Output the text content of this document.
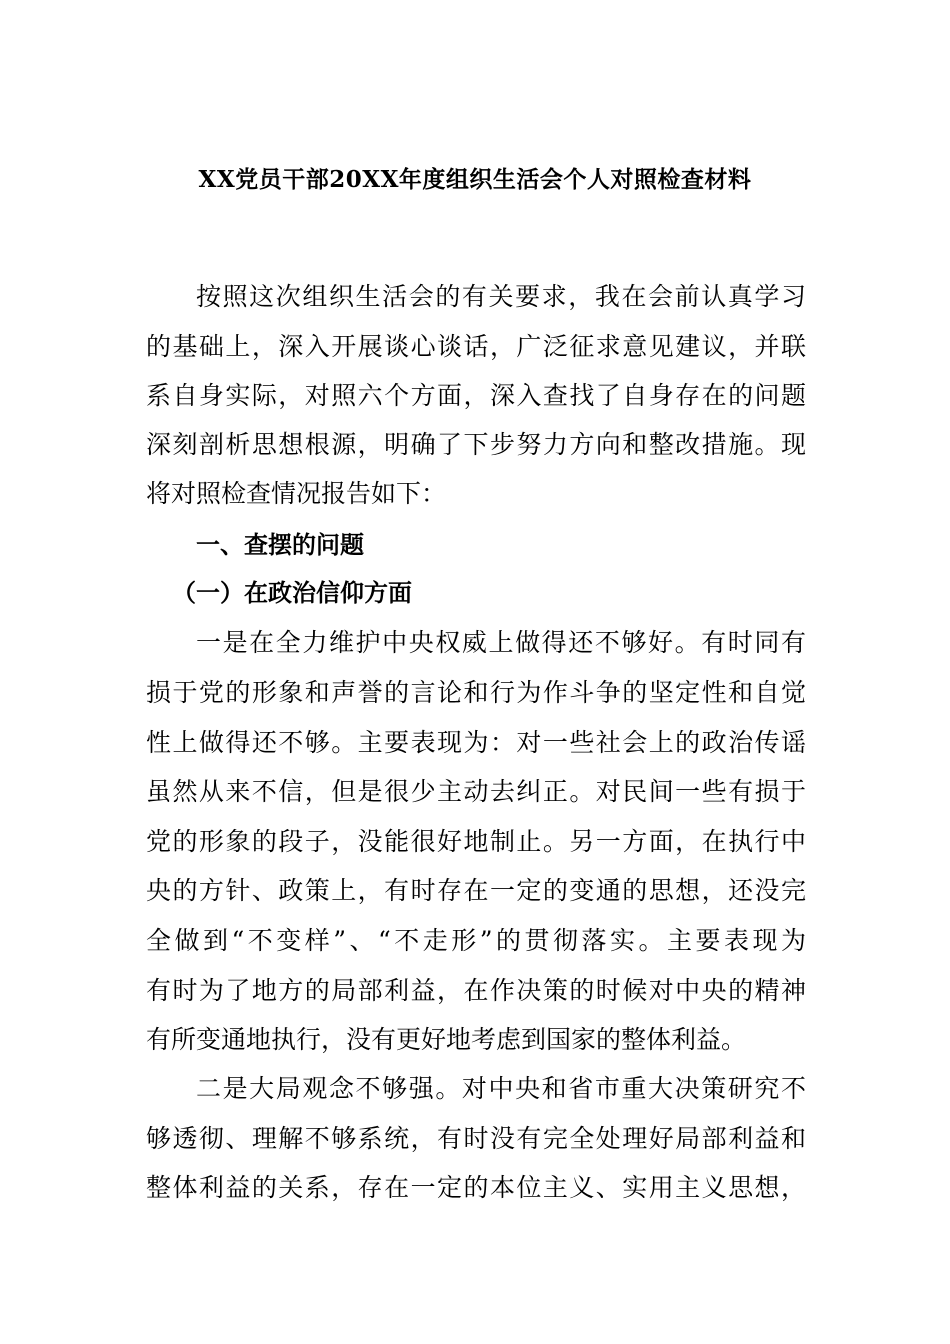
XX党员干部20XX年度组织生活会个人对照检查材料
按照这次组织生活会的有关要求，我在会前认真学习
的基础上，深入开展谈心谈话，广泛征求意见建议，并联
系自身实际，对照六个方面，深入查找了自身存在的问题
深刻剖析思想根源，明确了下步努力方向和整改措施。现
将对照检查情况报告如下：
一、查摆的问题
（一）在政治信仰方面
一是在全力维护中央权威上做得还不够好。有时同有
损于党的形象和声誉的言论和行为作斗争的坚定性和自觉
性上做得还不够。主要表现为：对一些社会上的政治传谣
虽然从来不信，但是很少主动去纠正。对民间一些有损于
党的形象的段子，没能很好地制止。另一方面，在执行中
央的方针、政策上，有时存在一定的变通的思想，还没完
全做到“不变样”、“不走形”的贯彻落实。主要表现为
有时为了地方的局部利益，在作决策的时候对中央的精神
有所变通地执行，没有更好地考虑到国家的整体利益。
二是大局观念不够强。对中央和省市重大决策研究不
够透彻、理解不够系统，有时没有完全处理好局部利益和
整体利益的关系，存在一定的本位主义、实用主义思想，
